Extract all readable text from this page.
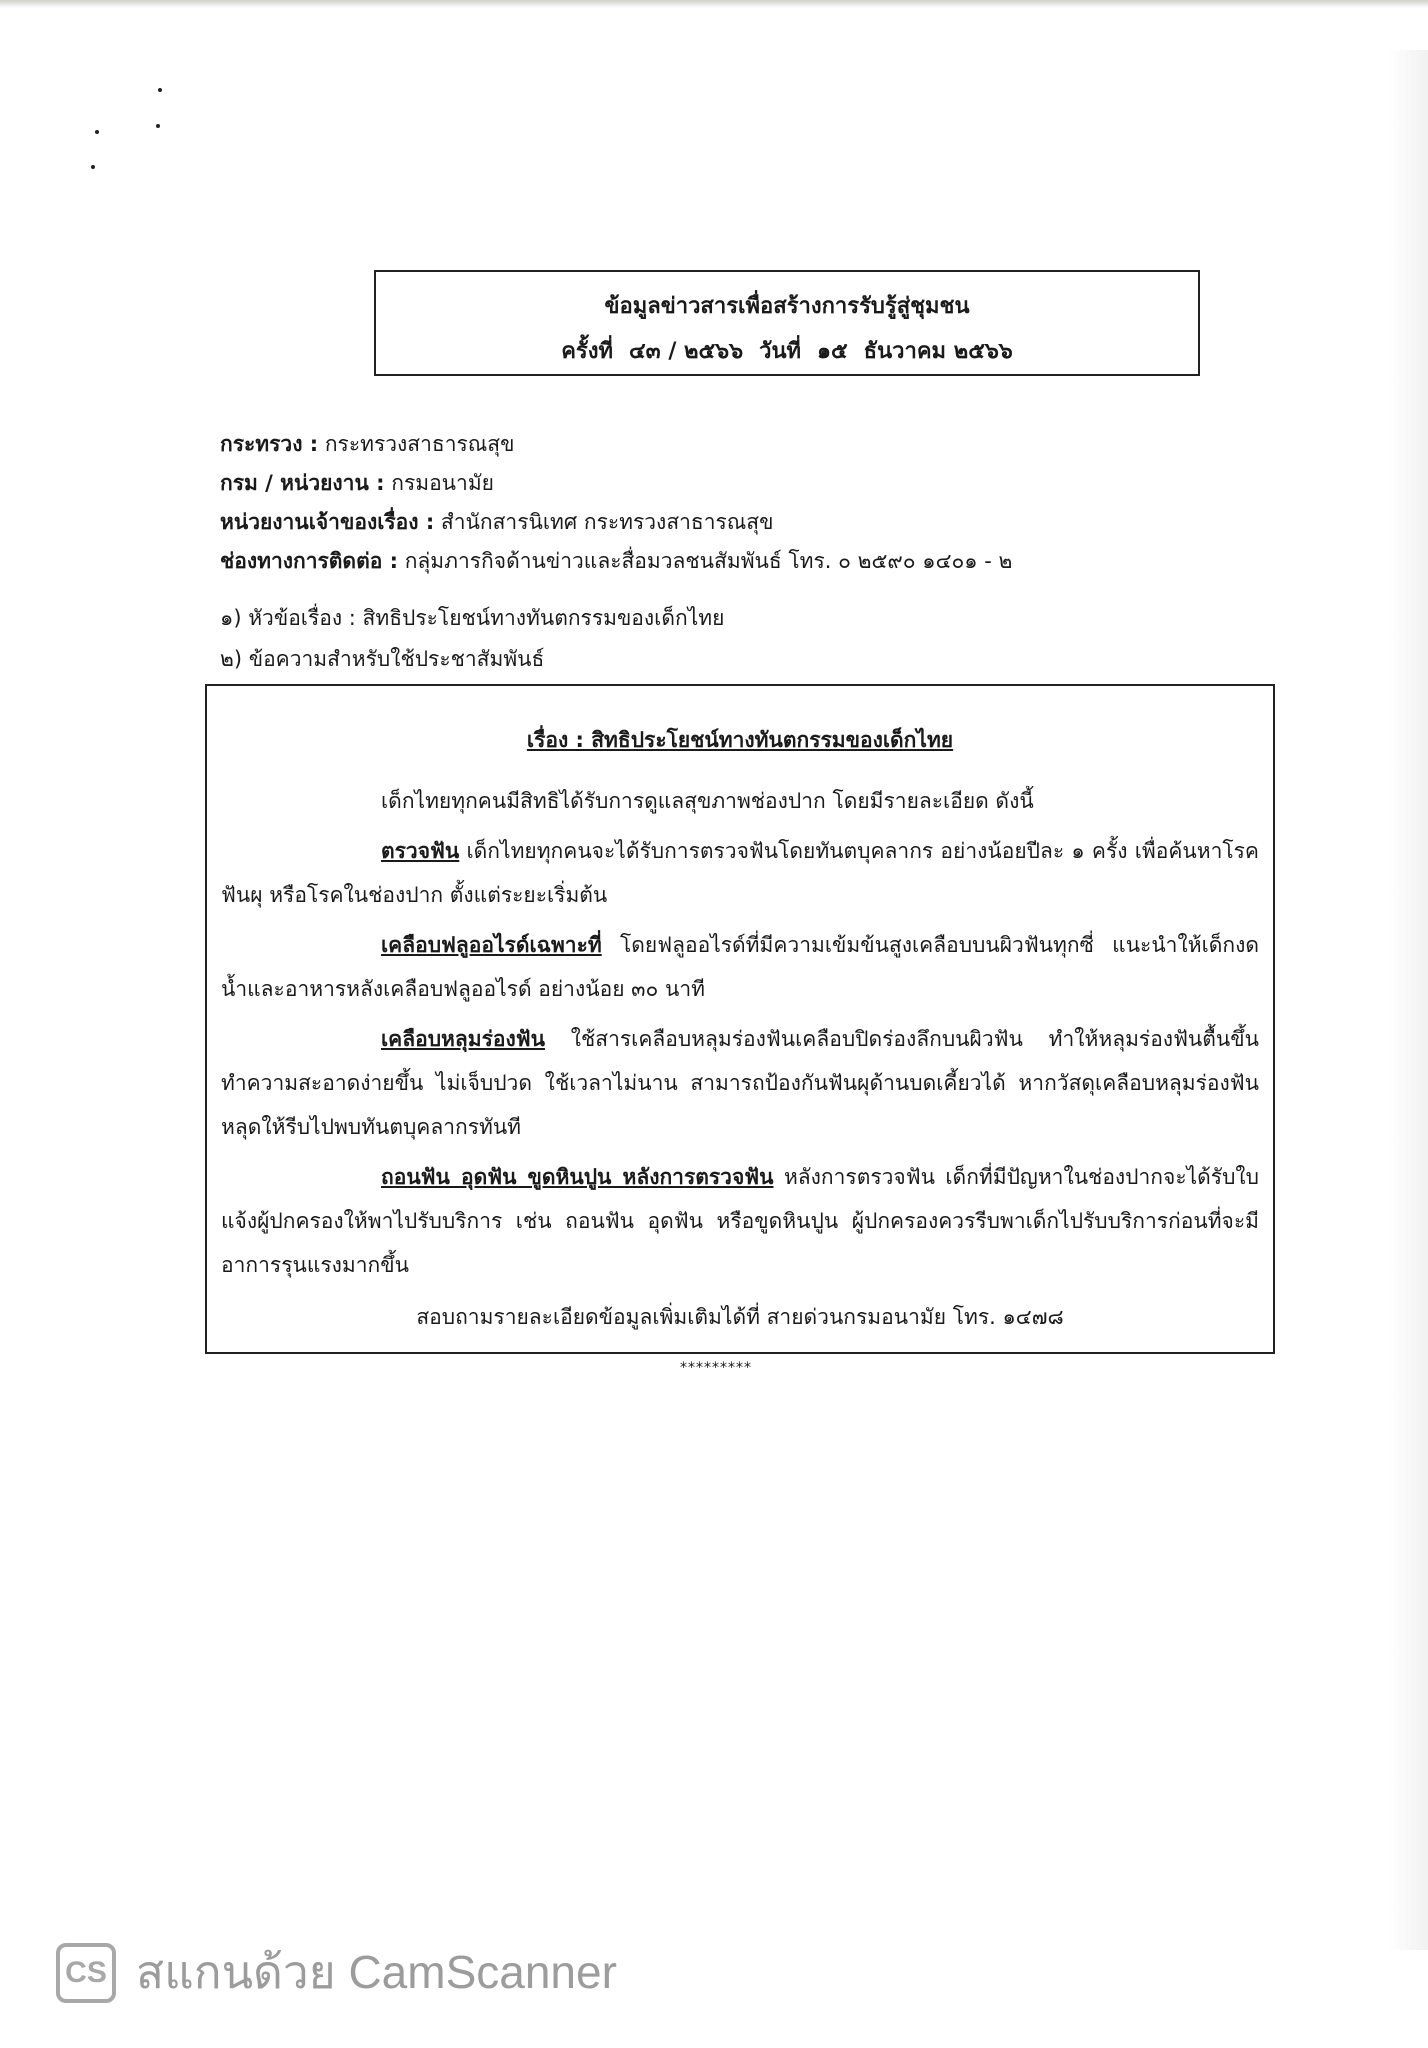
ข้อมูลข่าวสารเพื่อสร้างการรับรู้สู่ชุมชน
ครั้งที่ ๔๓ / ๒๕๖๖ วันที่ ๑๕ ธันวาคม ๒๕๖๖
กระทรวง : กระทรวงสาธารณสุข
กรม / หน่วยงาน : กรมอนามัย
หน่วยงานเจ้าของเรื่อง : สำนักสารนิเทศ กระทรวงสาธารณสุข
ช่องทางการติดต่อ : กลุ่มภารกิจด้านข่าวและสื่อมวลชนสัมพันธ์ โทร. ๐ ๒๕๙๐ ๑๔๐๑ - ๒
๑) หัวข้อเรื่อง : สิทธิประโยชน์ทางทันตกรรมของเด็กไทย
๒) ข้อความสำหรับใช้ประชาสัมพันธ์
เรื่อง : สิทธิประโยชน์ทางทันตกรรมของเด็กไทย

เด็กไทยทุกคนมีสิทธิได้รับการดูแลสุขภาพช่องปาก โดยมีรายละเอียด ดังนี้

ตรวจฟัน เด็กไทยทุกคนจะได้รับการตรวจฟันโดยทันตบุคลากร อย่างน้อยปีละ ๑ ครั้ง เพื่อค้นหาโรคฟันผุ หรือโรคในช่องปาก ตั้งแต่ระยะเริ่มต้น

เคลือบฟลูออไรด์เฉพาะที่ โดยฟลูออไรด์ที่มีความเข้มข้นสูงเคลือบบนผิวฟันทุกซี่ แนะนำให้เด็กงดน้ำและอาหารหลังเคลือบฟลูออไรด์ อย่างน้อย ๓๐ นาที

เคลือบหลุมร่องฟัน ใช้สารเคลือบหลุมร่องฟันเคลือบปิดร่องลึกบนผิวฟัน ทำให้หลุมร่องฟันตื้นขึ้น ทำความสะอาดง่ายขึ้น ไม่เจ็บปวด ใช้เวลาไม่นาน สามารถป้องกันฟันผุด้านบดเคี้ยวได้ หากวัสดุเคลือบหลุมร่องฟันหลุดให้รีบไปพบทันตบุคลากรทันที

ถอนฟัน อุดฟัน ขูดหินปูน หลังการตรวจฟัน หลังการตรวจฟัน เด็กที่มีปัญหาในช่องปากจะได้รับใบแจ้งผู้ปกครองให้พาไปรับบริการ เช่น ถอนฟัน อุดฟัน หรือขูดหินปูน ผู้ปกครองควรรีบพาเด็กไปรับบริการก่อนที่จะมีอาการรุนแรงมากขึ้น

สอบถามรายละเอียดข้อมูลเพิ่มเติมได้ที่ สายด่วนกรมอนามัย โทร. ๑๔๗๘
*********
CS สแกนด้วย CamScanner
